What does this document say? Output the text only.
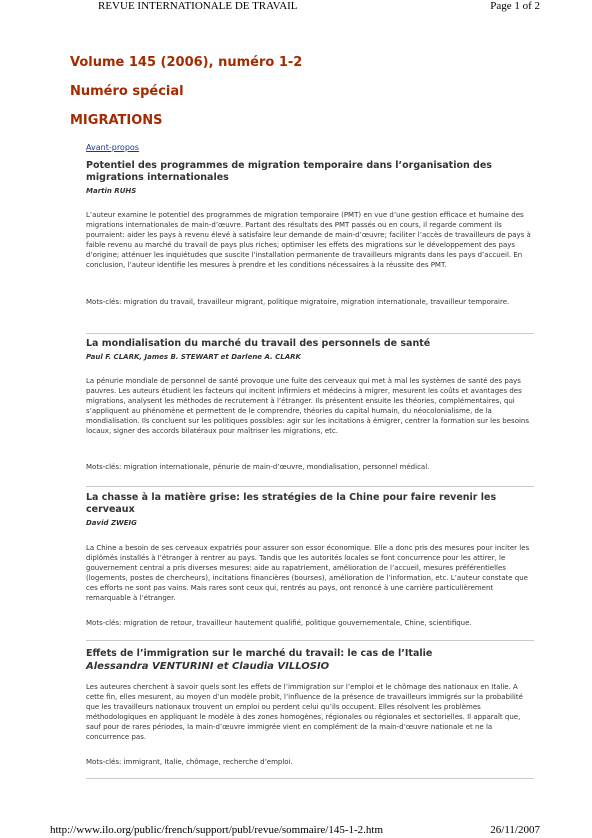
REVUE INTERNATIONALE DE TRAVAIL	Page 1 of 2
Volume 145 (2006), numéro 1-2
Numéro spécial
MIGRATIONS
Avant-propos

Potentiel des programmes de migration temporaire dans l’organisation des migrations internationales

Martin RUHS

L’auteur examine le potentiel des programmes de migration temporaire (PMT) en vue d’une gestion efficace et humaine des migrations internationales de main-d’œuvre. Partant des résultats des PMT passés ou en cours, il regarde comment ils pourraient: aider les pays à revenu élevé à satisfaire leur demande de main-d’œuvre; faciliter l’accès de travailleurs de pays à faible revenu au marché du travail de pays plus riches; optimiser les effets des migrations sur le développement des pays d’origine; atténuer les inquiétudes que suscite l’installation permanente de travailleurs migrants dans les pays d’accueil. En conclusion, l’auteur identifie les mesures à prendre et les conditions nécessaires à la réussite des PMT.

Mots-clés: migration du travail, travailleur migrant, politique migratoire, migration internationale, travailleur temporaire.

La mondialisation du marché du travail des personnels de santé

Paul F. CLARK, James B. STEWART et Darlene A. CLARK

La pénurie mondiale de personnel de santé provoque une fuite des cerveaux qui met à mal les systèmes de santé des pays pauvres. Les auteurs étudient les facteurs qui incitent infirmiers et médecins à migrer, mesurent les coûts et avantages des migrations, analysent les méthodes de recrutement à l’étranger. Ils présentent ensuite les théories, complémentaires, qui s’appliquent au phénomène et permettent de le comprendre, théories du capital humain, du néocolonialisme, de la mondialisation. Ils concluent sur les politiques possibles: agir sur les incitations à émigrer, centrer la formation sur les besoins locaux, signer des accords bilatéraux pour maîtriser les migrations, etc.

Mots-clés: migration internationale, pénurie de main-d’œuvre, mondialisation, personnel médical.

La chasse à la matière grise: les stratégies de la Chine pour faire revenir les cerveaux

David ZWEIG

La Chine a besoin de ses cerveaux expatriés pour assurer son essor économique. Elle a donc pris des mesures pour inciter les diplômés installés à l’étranger à rentrer au pays. Tandis que les autorités locales se font concurrence pour les attirer, le gouvernement central a pris diverses mesures: aide au rapatriement, amélioration de l’accueil, mesures préférentielles (logements, postes de chercheurs), incitations financières (bourses), amélioration de l’information, etc. L’auteur constate que ces efforts ne sont pas vains. Mais rares sont ceux qui, rentrés au pays, ont renoncé à une carrière particulièrement remarquable à l’étranger.

Mots-clés: migration de retour, travailleur hautement qualifié, politique gouvernementale, Chine, scientifique.

Effets de l’immigration sur le marché du travail: le cas de l’Italie

Alessandra VENTURINI et Claudia VILLOSIO

Les auteures cherchent à savoir quels sont les effets de l’immigration sur l’emploi et le chômage des nationaux en Italie. A cette fin, elles mesurent, au moyen d’un modèle probit, l’influence de la présence de travailleurs immigrés sur la probabilité que les travailleurs nationaux trouvent un emploi ou perdent celui qu’ils occupent. Elles résolvent les problèmes méthodologiques en appliquant le modèle à des zones homogènes, régionales ou régionales et sectorielles. Il apparaît que, sauf pour de rares périodes, la main-d’œuvre immigrée vient en complément de la main-d’œuvre nationale et ne la concurrence pas.

Mots-clés: immigrant, Italie, chômage, recherche d’emploi.

http://www.ilo.org/public/french/support/publ/revue/sommaire/145-1-2.htm	26/11/2007
